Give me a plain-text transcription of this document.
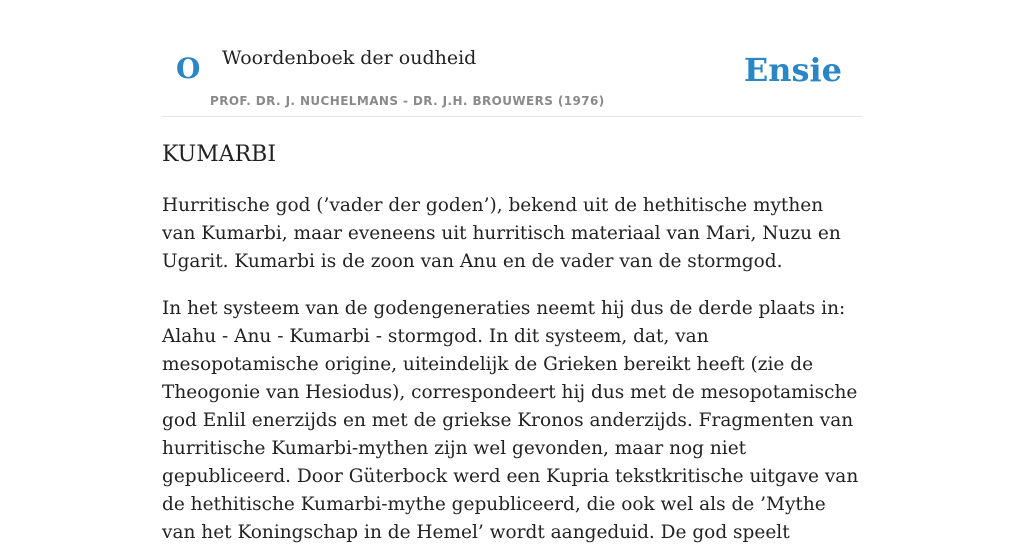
O Woordenboek der oudheid
PROF. DR. J. NUCHELMANS - DR. J.H. BROUWERS (1976)
Ensie
KUMARBI

Hurritische god (’vader der goden’), bekend uit de hethitische mythen van Kumarbi, maar eveneens uit hurritisch materiaal van Mari, Nuzu en Ugarit. Kumarbi is de zoon van Anu en de vader van de stormgod.

In het systeem van de godengeneraties neemt hij dus de derde plaats in: Alahu - Anu - Kumarbi - stormgod. In dit systeem, dat, van mesopotamische origine, uiteindelijk de Grieken bereikt heeft (zie de Theogonie van Hesiodus), correspondeert hij dus met de mesopotamische god Enlil enerzijds en met de griekse Kronos anderzijds. Fragmenten van hurritische Kumarbi-mythen zijn wel gevonden, maar nog niet gepubliceerd. Door Güterbock werd een Kupria tekstkritische uitgave van de hethitische Kumarbi-mythe gepubliceerd, die ook wel als de ’Mythe van het Koningschap in de Hemel’ wordt aangeduid. De god speelt
